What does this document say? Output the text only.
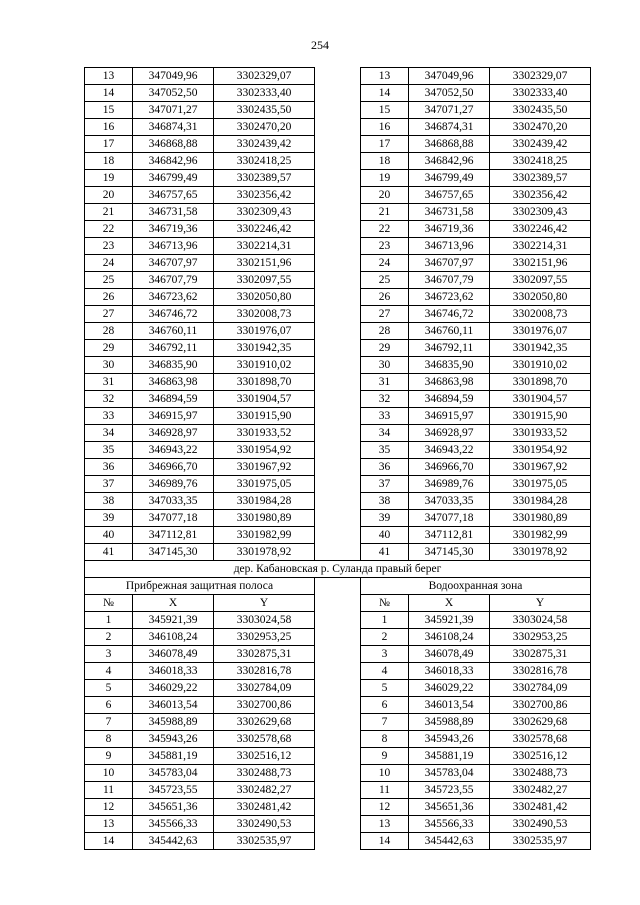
254
13	347049,96	3302329,07		13	347049,96	3302329,07
14	347052,50	3302333,40		14	347052,50	3302333,40
15	347071,27	3302435,50		15	347071,27	3302435,50
16	346874,31	3302470,20		16	346874,31	3302470,20
17	346868,88	3302439,42		17	346868,88	3302439,42
18	346842,96	3302418,25		18	346842,96	3302418,25
19	346799,49	3302389,57		19	346799,49	3302389,57
20	346757,65	3302356,42		20	346757,65	3302356,42
21	346731,58	3302309,43		21	346731,58	3302309,43
22	346719,36	3302246,42		22	346719,36	3302246,42
23	346713,96	3302214,31		23	346713,96	3302214,31
24	346707,97	3302151,96		24	346707,97	3302151,96
25	346707,79	3302097,55		25	346707,79	3302097,55
26	346723,62	3302050,80		26	346723,62	3302050,80
27	346746,72	3302008,73		27	346746,72	3302008,73
28	346760,11	3301976,07		28	346760,11	3301976,07
29	346792,11	3301942,35		29	346792,11	3301942,35
30	346835,90	3301910,02		30	346835,90	3301910,02
31	346863,98	3301898,70		31	346863,98	3301898,70
32	346894,59	3301904,57		32	346894,59	3301904,57
33	346915,97	3301915,90		33	346915,97	3301915,90
34	346928,97	3301933,52		34	346928,97	3301933,52
35	346943,22	3301954,92		35	346943,22	3301954,92
36	346966,70	3301967,92		36	346966,70	3301967,92
37	346989,76	3301975,05		37	346989,76	3301975,05
38	347033,35	3301984,28		38	347033,35	3301984,28
39	347077,18	3301980,89		39	347077,18	3301980,89
40	347112,81	3301982,99		40	347112,81	3301982,99
41	347145,30	3301978,92		41	347145,30	3301978,92
дер. Кабановская р. Суланда правый берег						
Прибрежная защитная полоса				Водоохранная зона		
№	X	Y		№	X	Y
1	345921,39	3303024,58		1	345921,39	3303024,58
2	346108,24	3302953,25		2	346108,24	3302953,25
3	346078,49	3302875,31		3	346078,49	3302875,31
4	346018,33	3302816,78		4	346018,33	3302816,78
5	346029,22	3302784,09		5	346029,22	3302784,09
6	346013,54	3302700,86		6	346013,54	3302700,86
7	345988,89	3302629,68		7	345988,89	3302629,68
8	345943,26	3302578,68		8	345943,26	3302578,68
9	345881,19	3302516,12		9	345881,19	3302516,12
10	345783,04	3302488,73		10	345783,04	3302488,73
11	345723,55	3302482,27		11	345723,55	3302482,27
12	345651,36	3302481,42		12	345651,36	3302481,42
13	345566,33	3302490,53		13	345566,33	3302490,53
14	345442,63	3302535,97		14	345442,63	3302535,97
